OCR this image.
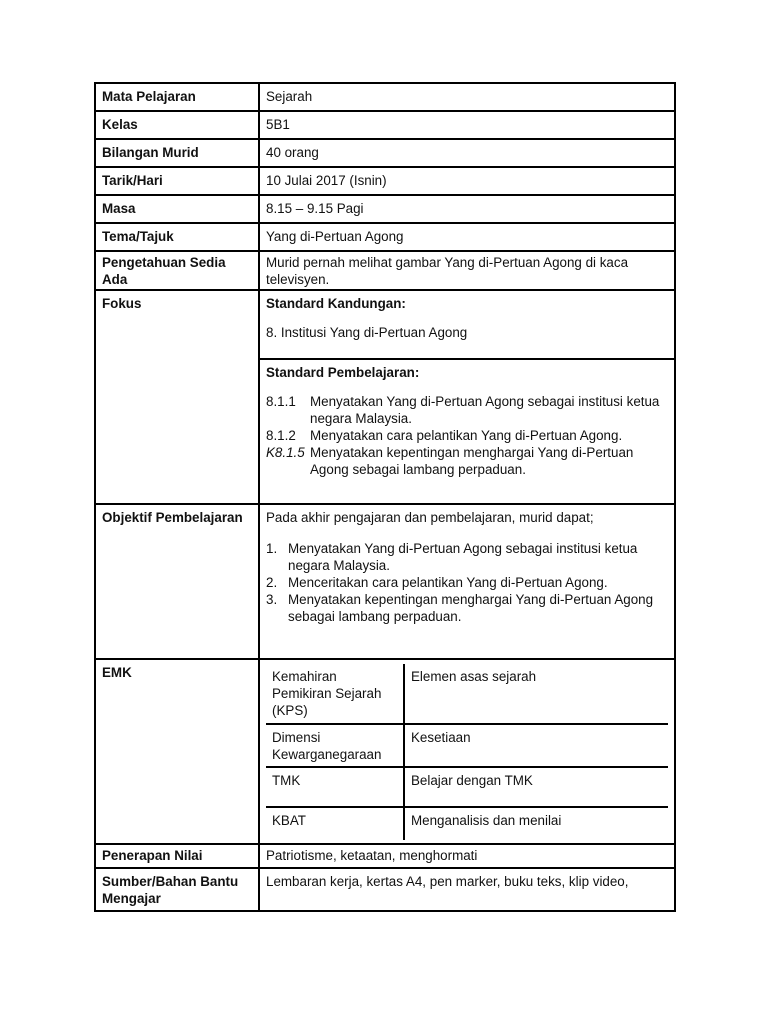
Mata Pelajaran	Sejarah
Kelas	5B1
Bilangan Murid	40 orang
Tarik/Hari	10 Julai 2017 (Isnin)
Masa	8.15 – 9.15 Pagi
Tema/Tajuk	Yang di-Pertuan Agong
Pengetahuan Sedia Ada	Murid pernah melihat gambar Yang di-Pertuan Agong di kaca televisyen.
Fokus	Standard Kandungan:
8. Institusi Yang di-Pertuan Agong

Standard Pembelajaran:
8.1.1	Menyatakan Yang di-Pertuan Agong sebagai institusi ketua negara Malaysia.
8.1.2	Menyatakan cara pelantikan Yang di-Pertuan Agong.
K8.1.5 Menyatakan kepentingan menghargai Yang di-Pertuan Agong sebagai lambang perpaduan.

Objektif Pembelajaran	Pada akhir pengajaran dan pembelajaran, murid dapat;
1. Menyatakan Yang di-Pertuan Agong sebagai institusi ketua negara Malaysia.
2. Menceritakan cara pelantikan Yang di-Pertuan Agong.
3. Menyatakan kepentingan menghargai Yang di-Pertuan Agong sebagai lambang perpaduan.

EMK		Kemahiran Pemikiran Sejarah (KPS)	Elemen asas sejarah
Dimensi Kewarganegaraan	Kesetiaan
TMK	Belajar dengan TMK
KBAT	Menganalisis dan menilai

Penerapan Nilai	Patriotisme, ketaatan, menghormati
Sumber/Bahan Bantu Mengajar	Lembaran kerja, kertas A4, pen marker, buku teks, klip video,
